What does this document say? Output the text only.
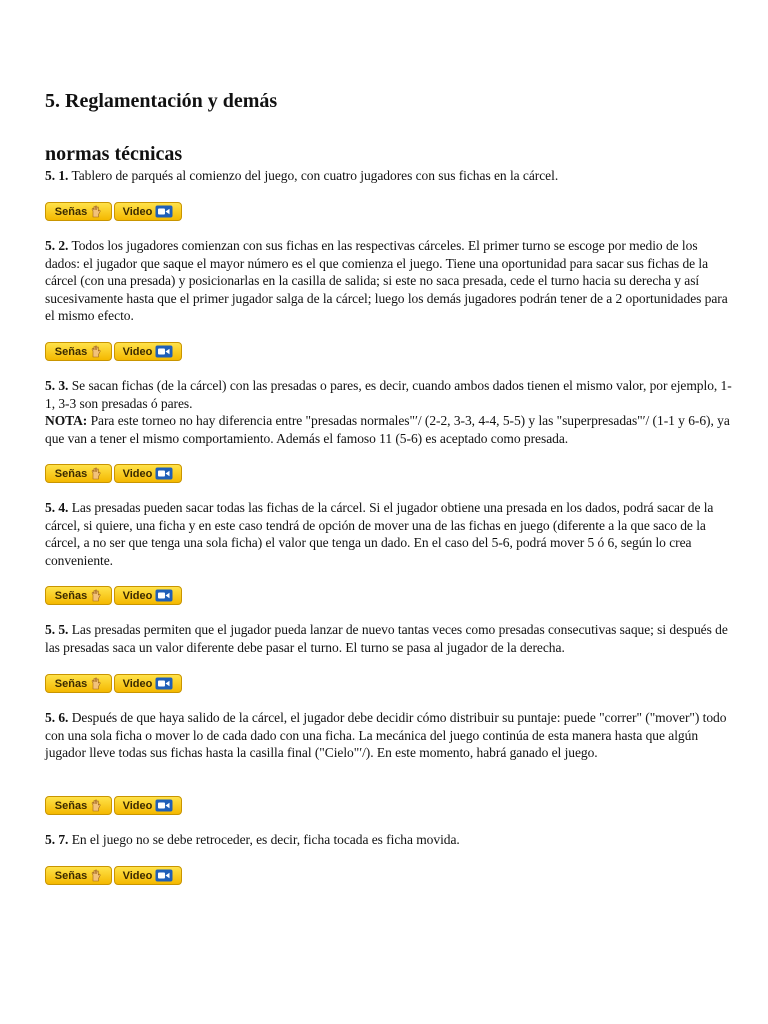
5. Reglamentación y demás
normas técnicas

5. 1. Tablero de parqués al comienzo del juego, con cuatro jugadores con sus fichas en la cárcel.

Señas	Video

5. 2. Todos los jugadores comienzan con sus fichas en las respectivas cárceles. El primer turno se escoge por medio de los dados: el jugador que saque el mayor número es el que comienza el juego. Tiene una oportunidad para sacar sus fichas de la cárcel (con una presada) y posicionarlas en la casilla de salida; si este no saca presada, cede el turno hacia su derecha y así sucesivamente hasta que el primer jugador salga de la cárcel; luego los demás jugadores podrán tener de a 2 oportunidades para el mismo efecto.

Señas	Video

5. 3. Se sacan fichas (de la cárcel) con las presadas o pares, es decir, cuando ambos dados tienen el mismo valor, por ejemplo, 1-1, 3-3 son presadas ó pares.

NOTA: Para este torneo no hay diferencia entre "presadas normales"′/ (2-2, 3-3, 4-4, 5-5) y las "superpresadas"′/ (1-1 y 6-6), ya que van a tener el mismo comportamiento. Además el famoso 11 (5-6) es aceptado como presada.

Señas	Video

5. 4. Las presadas pueden sacar todas las fichas de la cárcel. Si el jugador obtiene una presada en los dados, podrá sacar de la cárcel, si quiere, una ficha y en este caso tendrá de opción de mover una de las fichas en juego (diferente a la que saco de la cárcel, a no ser que tenga una sola ficha) el valor que tenga un dado. En el caso del 5-6, podrá mover 5 ó 6, según lo crea conveniente.

Señas	Video

5. 5. Las presadas permiten que el jugador pueda lanzar de nuevo tantas veces como presadas consecutivas saque; si después de las presadas saca un valor diferente debe pasar el turno. El turno se pasa al jugador de la derecha.

Señas	Video

5. 6. Después de que haya salido de la cárcel, el jugador debe decidir cómo distribuir su puntaje: puede "correr" ("mover") todo con una sola ficha o mover lo de cada dado con una ficha. La mecánica del juego continúa de esta manera hasta que algún jugador lleve todas sus fichas hasta la casilla final ("Cielo"′/). En este momento, habrá ganado el juego.

Señas	Video

5. 7. En el juego no se debe retroceder, es decir, ficha tocada es ficha movida.

Señas	Video
